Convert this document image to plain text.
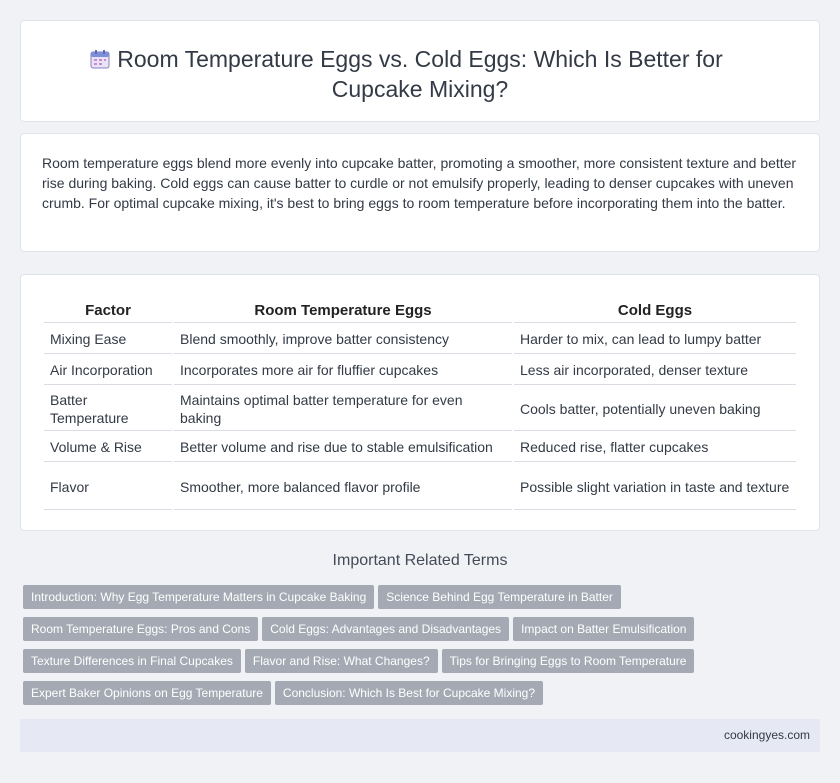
Room Temperature Eggs vs. Cold Eggs: Which Is Better for Cupcake Mixing?

Room temperature eggs blend more evenly into cupcake batter, promoting a smoother, more consistent texture and better rise during baking. Cold eggs can cause batter to curdle or not emulsify properly, leading to denser cupcakes with uneven crumb. For optimal cupcake mixing, it's best to bring eggs to room temperature before incorporating them into the batter.

Factor	Room Temperature Eggs	Cold Eggs
Mixing Ease	Blend smoothly, improve batter consistency	Harder to mix, can lead to lumpy batter
Air Incorporation	Incorporates more air for fluffier cupcakes	Less air incorporated, denser texture
Batter Temperature	Maintains optimal batter temperature for even baking	Cools batter, potentially uneven baking
Volume & Rise	Better volume and rise due to stable emulsification	Reduced rise, flatter cupcakes
Flavor	Smoother, more balanced flavor profile	Possible slight variation in taste and texture
Important Related Terms
Introduction: Why Egg Temperature Matters in Cupcake Baking Science Behind Egg Temperature in Batter
Room Temperature Eggs: Pros and Cons Cold Eggs: Advantages and Disadvantages Impact on Batter Emulsification
Texture Differences in Final Cupcakes Flavor and Rise: What Changes? Tips for Bringing Eggs to Room Temperature
Expert Baker Opinions on Egg Temperature Conclusion: Which Is Best for Cupcake Mixing?
cookingyes.com
